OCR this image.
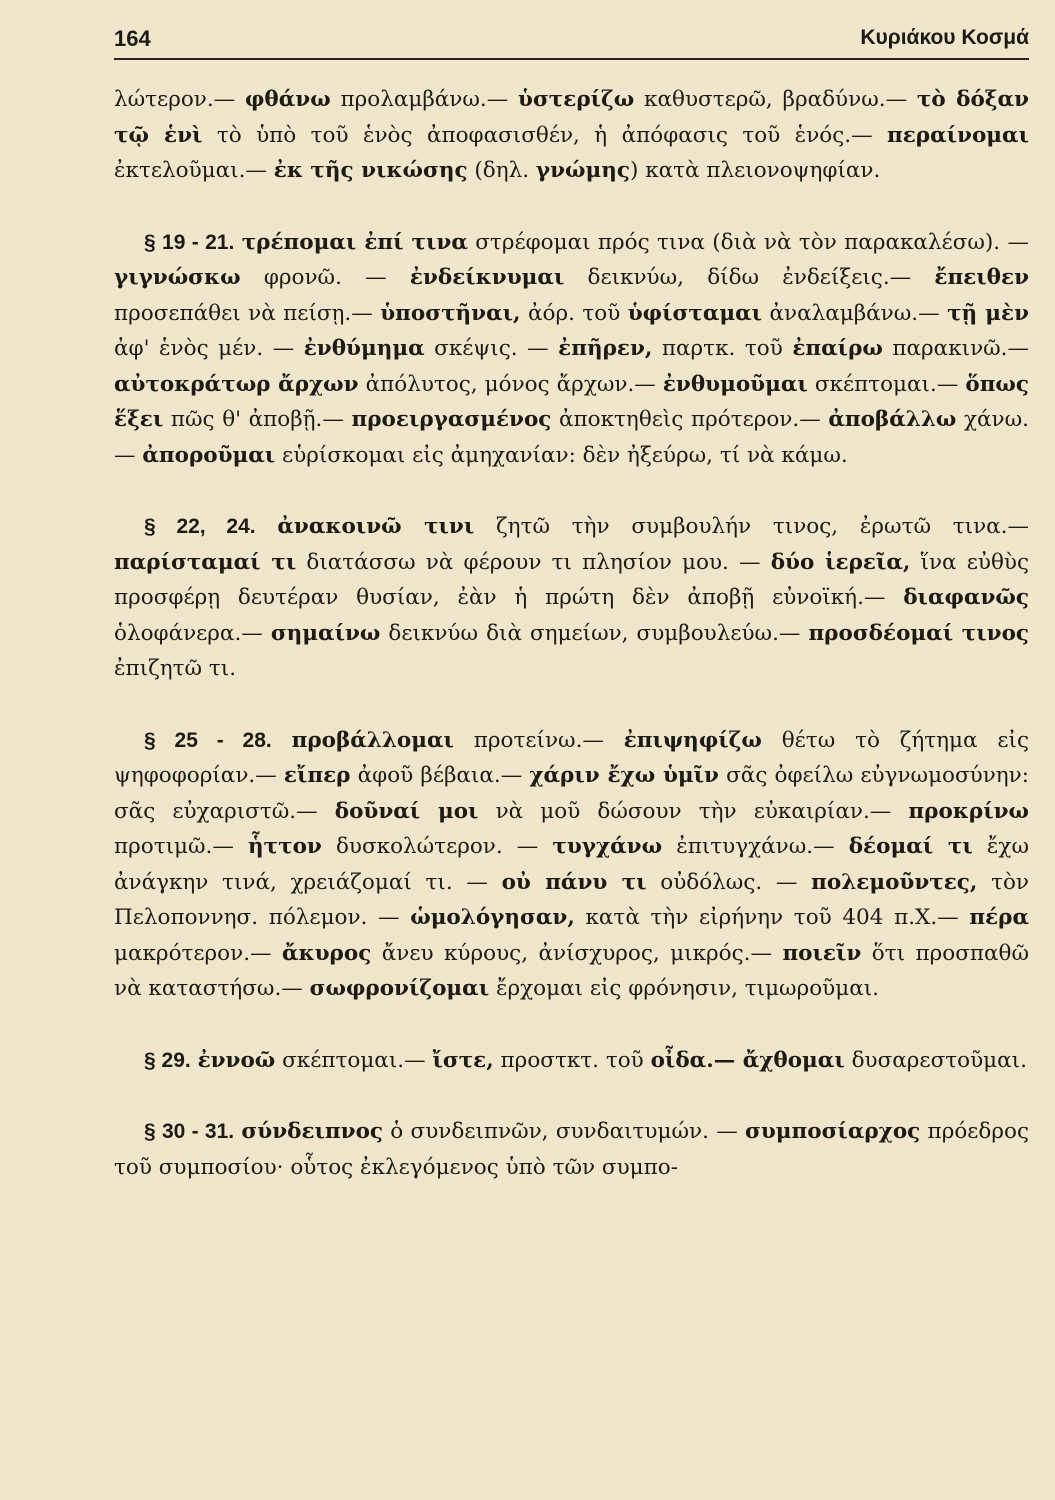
164	Κυριάκου Κοσμά

λώτερον.— φθάνω προλαμβάνω.— ὑστερίζω καθυστερῶ, βραδύνω.— τὸ δόξαν τῷ ἑνὶ τὸ ὑπὸ τοῦ ἑνὸς ἀποφασισθέν, ἡ ἀπόφασις τοῦ ἑνός.— περαίνομαι ἐκτελοῦμαι.— ἐκ τῆς νικώσης (δηλ. γνώμης) κατὰ πλειονοψηφίαν.

§ 19 - 21. τρέπομαι ἐπί τινα στρέφομαι πρός τινα (διὰ νὰ τὸν παρακαλέσω). — γιγνώσκω φρονῶ. — ἐνδείκνυμαι δεικνύω, δίδω ἐνδείξεις.— ἔπειθεν προσεπάθει νὰ πείσῃ.— ὑποστῆναι, ἀόρ. τοῦ ὑφίσταμαι ἀναλαμβάνω.— τῇ μὲν ἀφ' ἑνὸς μέν. — ἐνθύμημα σκέψις. — ἐπῆρεν, παρτκ. τοῦ ἐπαίρω παρακινῶ.— αὐτοκράτωρ ἄρχων ἀπόλυτος, μόνος ἄρχων.— ἐνθυμοῦμαι σκέπτομαι.— ὅπως ἕξει πῶς θ' ἀποβῇ.— προειργασμένος ἀποκτηθεὶς πρότερον.— ἀποβάλλω χάνω.— ἀποροῦμαι εὑρίσκομαι εἰς ἀμηχανίαν: δὲν ἠξεύρω, τί νὰ κάμω.

§ 22, 24. ἀνακοινῶ τινι ζητῶ τὴν συμβουλήν τινος, ἐρωτῶ τινα.— παρίσταμαί τι διατάσσω νὰ φέρουν τι πλησίον μου. — δύο ἱερεῖα, ἵνα εὐθὺς προσφέρῃ δευτέραν θυσίαν, ἐὰν ἡ πρώτη δὲν ἀποβῇ εὐνοϊκή.— διαφανῶς ὁλοφάνερα.— σημαίνω δεικνύω διὰ σημείων, συμβουλεύω.— προσδέομαί τινος ἐπιζητῶ τι.

§ 25 - 28. προβάλλομαι προτείνω.— ἐπιψηφίζω θέτω τὸ ζήτημα εἰς ψηφοφορίαν.— εἴπερ ἀφοῦ βέβαια.— χάριν ἔχω ὑμῖν σᾶς ὀφείλω εὐγνωμοσύνην: σᾶς εὐχαριστῶ.— δοῦναί μοι νὰ μοῦ δώσουν τὴν εὐκαιρίαν.— προκρίνω προτιμῶ.— ἧττον δυσκολώτερον. — τυγχάνω ἐπιτυγχάνω.— δέομαί τι ἔχω ἀνάγκην τινά, χρειάζομαί τι. — οὐ πάνυ τι οὐδόλως. — πολεμοῦντες, τὸν Πελοποννησ. πόλεμον. — ὡμολόγησαν, κατὰ τὴν εἰρήνην τοῦ 404 π.Χ.— πέρα μακρότερον.— ἄκυρος ἄνευ κύρους, ἀνίσχυρος, μικρός.— ποιεῖν ὅτι προσπαθῶ νὰ καταστήσω.— σωφρονίζομαι ἔρχομαι εἰς φρόνησιν, τιμωροῦμαι.

§ 29. ἐννοῶ σκέπτομαι.— ἴστε, προστκτ. τοῦ οἶδα.— ἄχθομαι δυσαρεστοῦμαι.

§ 30 - 31. σύνδειπνος ὁ συνδειπνῶν, συνδαιτυμών. — συμποσίαρχος πρόεδρος τοῦ συμποσίου· οὗτος ἐκλεγόμενος ὑπὸ τῶν συμπο-
